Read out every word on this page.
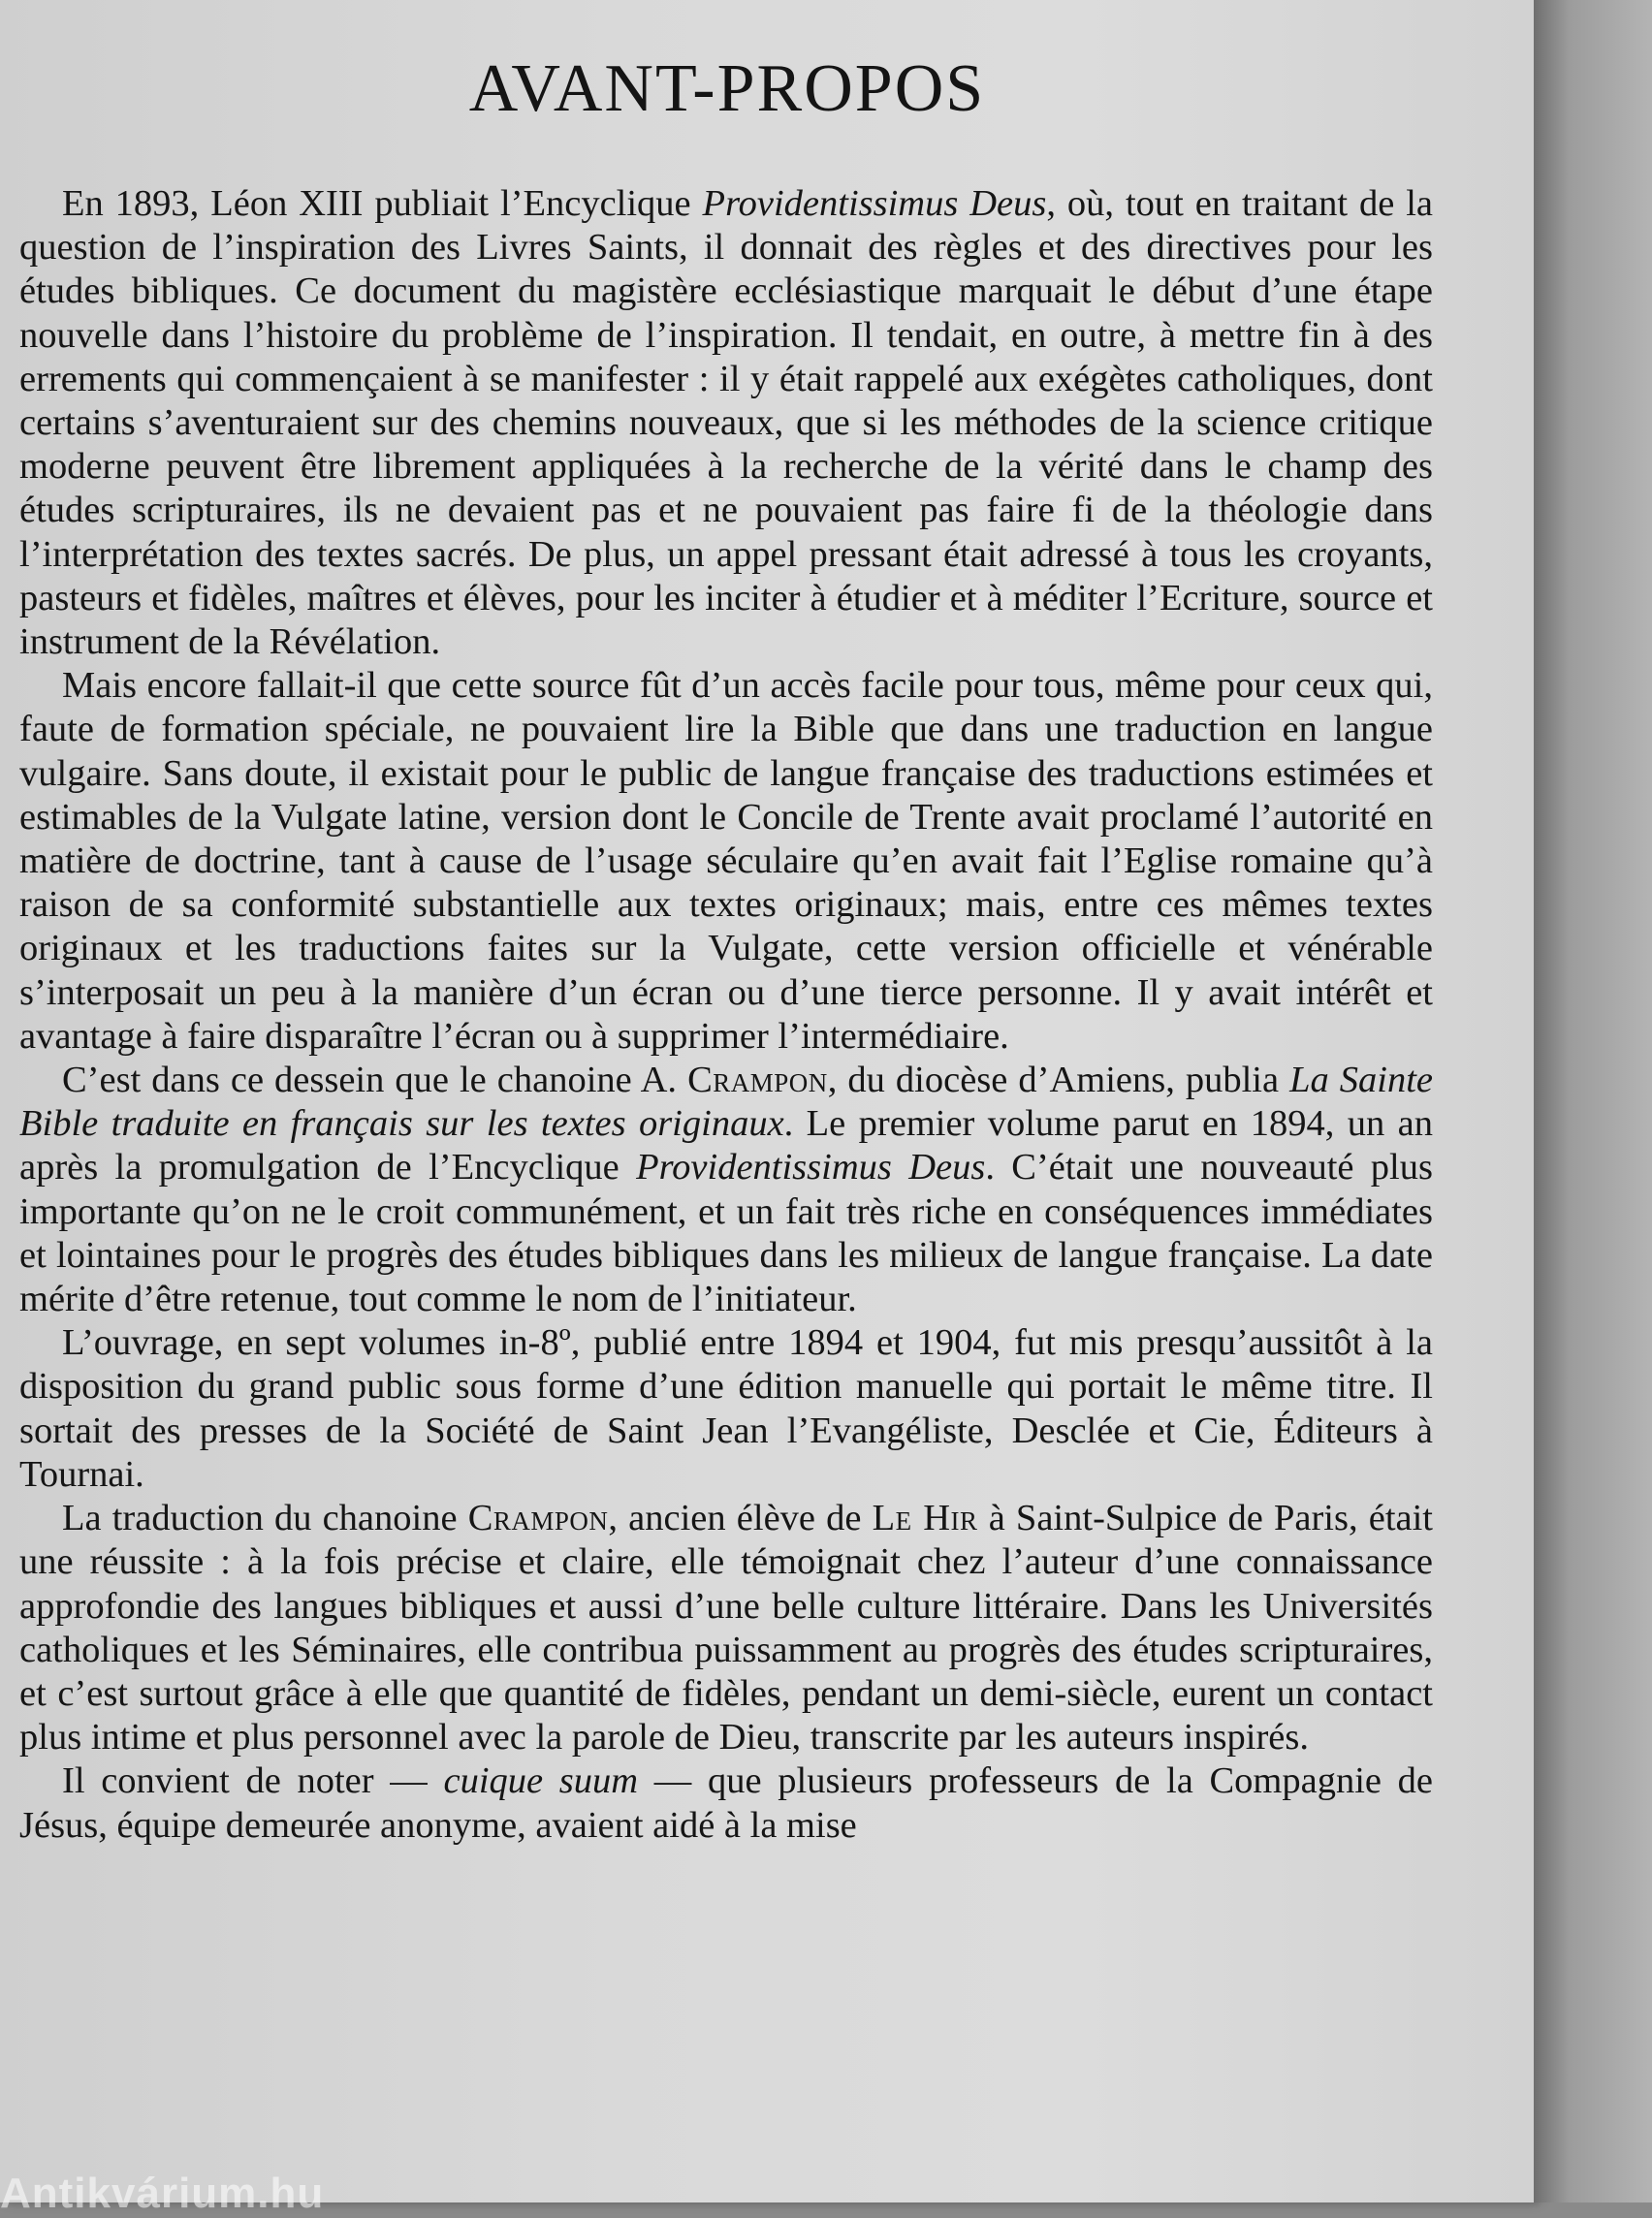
AVANT-PROPOS

En 1893, Léon XIII publiait l’Encyclique Providentissimus Deus, où, tout en traitant de la question de l’inspiration des Livres Saints, il donnait des règles et des directives pour les études bibliques. Ce document du magistère ecclésiastique marquait le début d’une étape nouvelle dans l’histoire du problème de l’inspiration. Il tendait, en outre, à mettre fin à des errements qui commençaient à se manifester : il y était rappelé aux exégètes catholiques, dont certains s’aventuraient sur des chemins nouveaux, que si les méthodes de la science critique moderne peuvent être librement appliquées à la recherche de la vérité dans le champ des études scripturaires, ils ne devaient pas et ne pouvaient pas faire fi de la théologie dans l’interprétation des textes sacrés. De plus, un appel pressant était adressé à tous les croyants, pasteurs et fidèles, maîtres et élèves, pour les inciter à étudier et à méditer l’Ecriture, source et instrument de la Révélation.

Mais encore fallait-il que cette source fût d’un accès facile pour tous, même pour ceux qui, faute de formation spéciale, ne pouvaient lire la Bible que dans une traduction en langue vulgaire. Sans doute, il existait pour le public de langue française des traductions estimées et estimables de la Vulgate latine, version dont le Concile de Trente avait proclamé l’autorité en matière de doctrine, tant à cause de l’usage séculaire qu’en avait fait l’Eglise romaine qu’à raison de sa conformité substantielle aux textes originaux; mais, entre ces mêmes textes originaux et les traductions faites sur la Vulgate, cette version officielle et vénérable s’interposait un peu à la manière d’un écran ou d’une tierce personne. Il y avait intérêt et avantage à faire disparaître l’écran ou à supprimer l’intermédiaire.

C’est dans ce dessein que le chanoine A. Crampon, du diocèse d’Amiens, publia La Sainte Bible traduite en français sur les textes originaux. Le premier volume parut en 1894, un an après la promulgation de l’Encyclique Providentissimus Deus. C’était une nouveauté plus importante qu’on ne le croit communément, et un fait très riche en conséquences immédiates et lointaines pour le progrès des études bibliques dans les milieux de langue française. La date mérite d’être retenue, tout comme le nom de l’initiateur.

L’ouvrage, en sept volumes in-8º, publié entre 1894 et 1904, fut mis presqu’aussitôt à la disposition du grand public sous forme d’une édition manuelle qui portait le même titre. Il sortait des presses de la Société de Saint Jean l’Evangéliste, Desclée et Cie, Éditeurs à Tournai.

La traduction du chanoine Crampon, ancien élève de Le Hir à Saint-Sulpice de Paris, était une réussite : à la fois précise et claire, elle témoignait chez l’auteur d’une connaissance approfondie des langues bibliques et aussi d’une belle culture littéraire. Dans les Universités catholiques et les Séminaires, elle contribua puissamment au progrès des études scripturaires, et c’est surtout grâce à elle que quantité de fidèles, pendant un demi-siècle, eurent un contact plus intime et plus personnel avec la parole de Dieu, transcrite par les auteurs inspirés.

Il convient de noter — cuique suum — que plusieurs professeurs de la Compagnie de Jésus, équipe demeurée anonyme, avaient aidé à la mise

Antikvárium.hu
